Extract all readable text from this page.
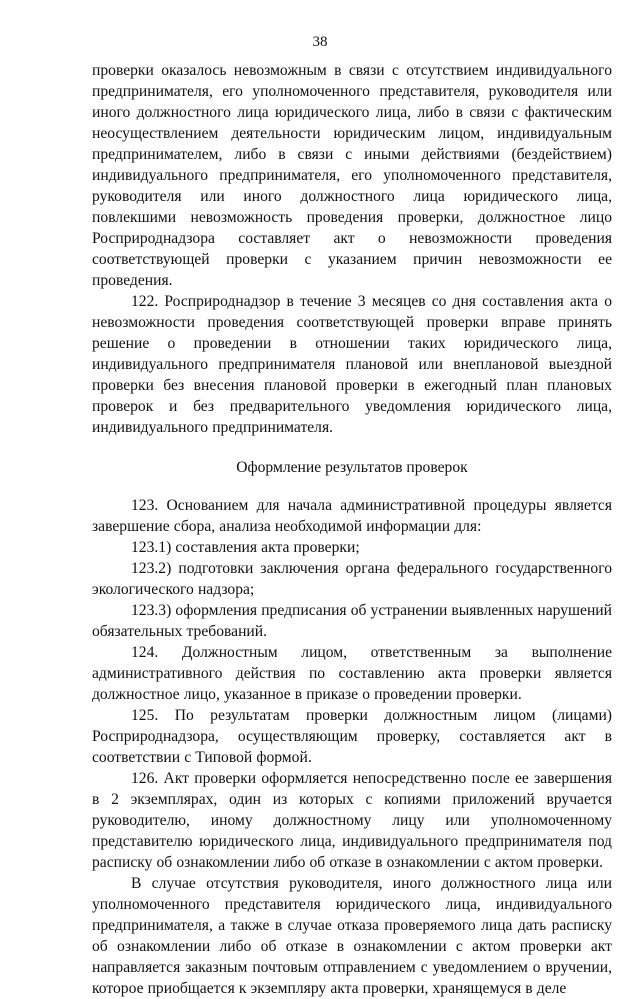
38

проверки оказалось невозможным в связи с отсутствием индивидуального предпринимателя, его уполномоченного представителя, руководителя или иного должностного лица юридического лица, либо в связи с фактическим неосуществлением деятельности юридическим лицом, индивидуальным предпринимателем, либо в связи с иными действиями (бездействием) индивидуального предпринимателя, его уполномоченного представителя, руководителя или иного должностного лица юридического лица, повлекшими невозможность проведения проверки, должностное лицо Росприроднадзора составляет акт о невозможности проведения соответствующей проверки с указанием причин невозможности ее проведения.

122. Росприроднадзор в течение 3 месяцев со дня составления акта о невозможности проведения соответствующей проверки вправе принять решение о проведении в отношении таких юридического лица, индивидуального предпринимателя плановой или внеплановой выездной проверки без внесения плановой проверки в ежегодный план плановых проверок и без предварительного уведомления юридического лица, индивидуального предпринимателя.

Оформление результатов проверок

123. Основанием для начала административной процедуры является завершение сбора, анализа необходимой информации для:

123.1) составления акта проверки;

123.2) подготовки заключения органа федерального государственного экологического надзора;

123.3) оформления предписания об устранении выявленных нарушений обязательных требований.

124. Должностным лицом, ответственным за выполнение административного действия по составлению акта проверки является должностное лицо, указанное в приказе о проведении проверки.

125. По результатам проверки должностным лицом (лицами) Росприроднадзора, осуществляющим проверку, составляется акт в соответствии с Типовой формой.

126. Акт проверки оформляется непосредственно после ее завершения в 2 экземплярах, один из которых с копиями приложений вручается руководителю, иному должностному лицу или уполномоченному представителю юридического лица, индивидуального предпринимателя под расписку об ознакомлении либо об отказе в ознакомлении с актом проверки.

В случае отсутствия руководителя, иного должностного лица или уполномоченного представителя юридического лица, индивидуального предпринимателя, а также в случае отказа проверяемого лица дать расписку об ознакомлении либо об отказе в ознакомлении с актом проверки акт направляется заказным почтовым отправлением с уведомлением о вручении, которое приобщается к экземпляру акта проверки, хранящемуся в деле
